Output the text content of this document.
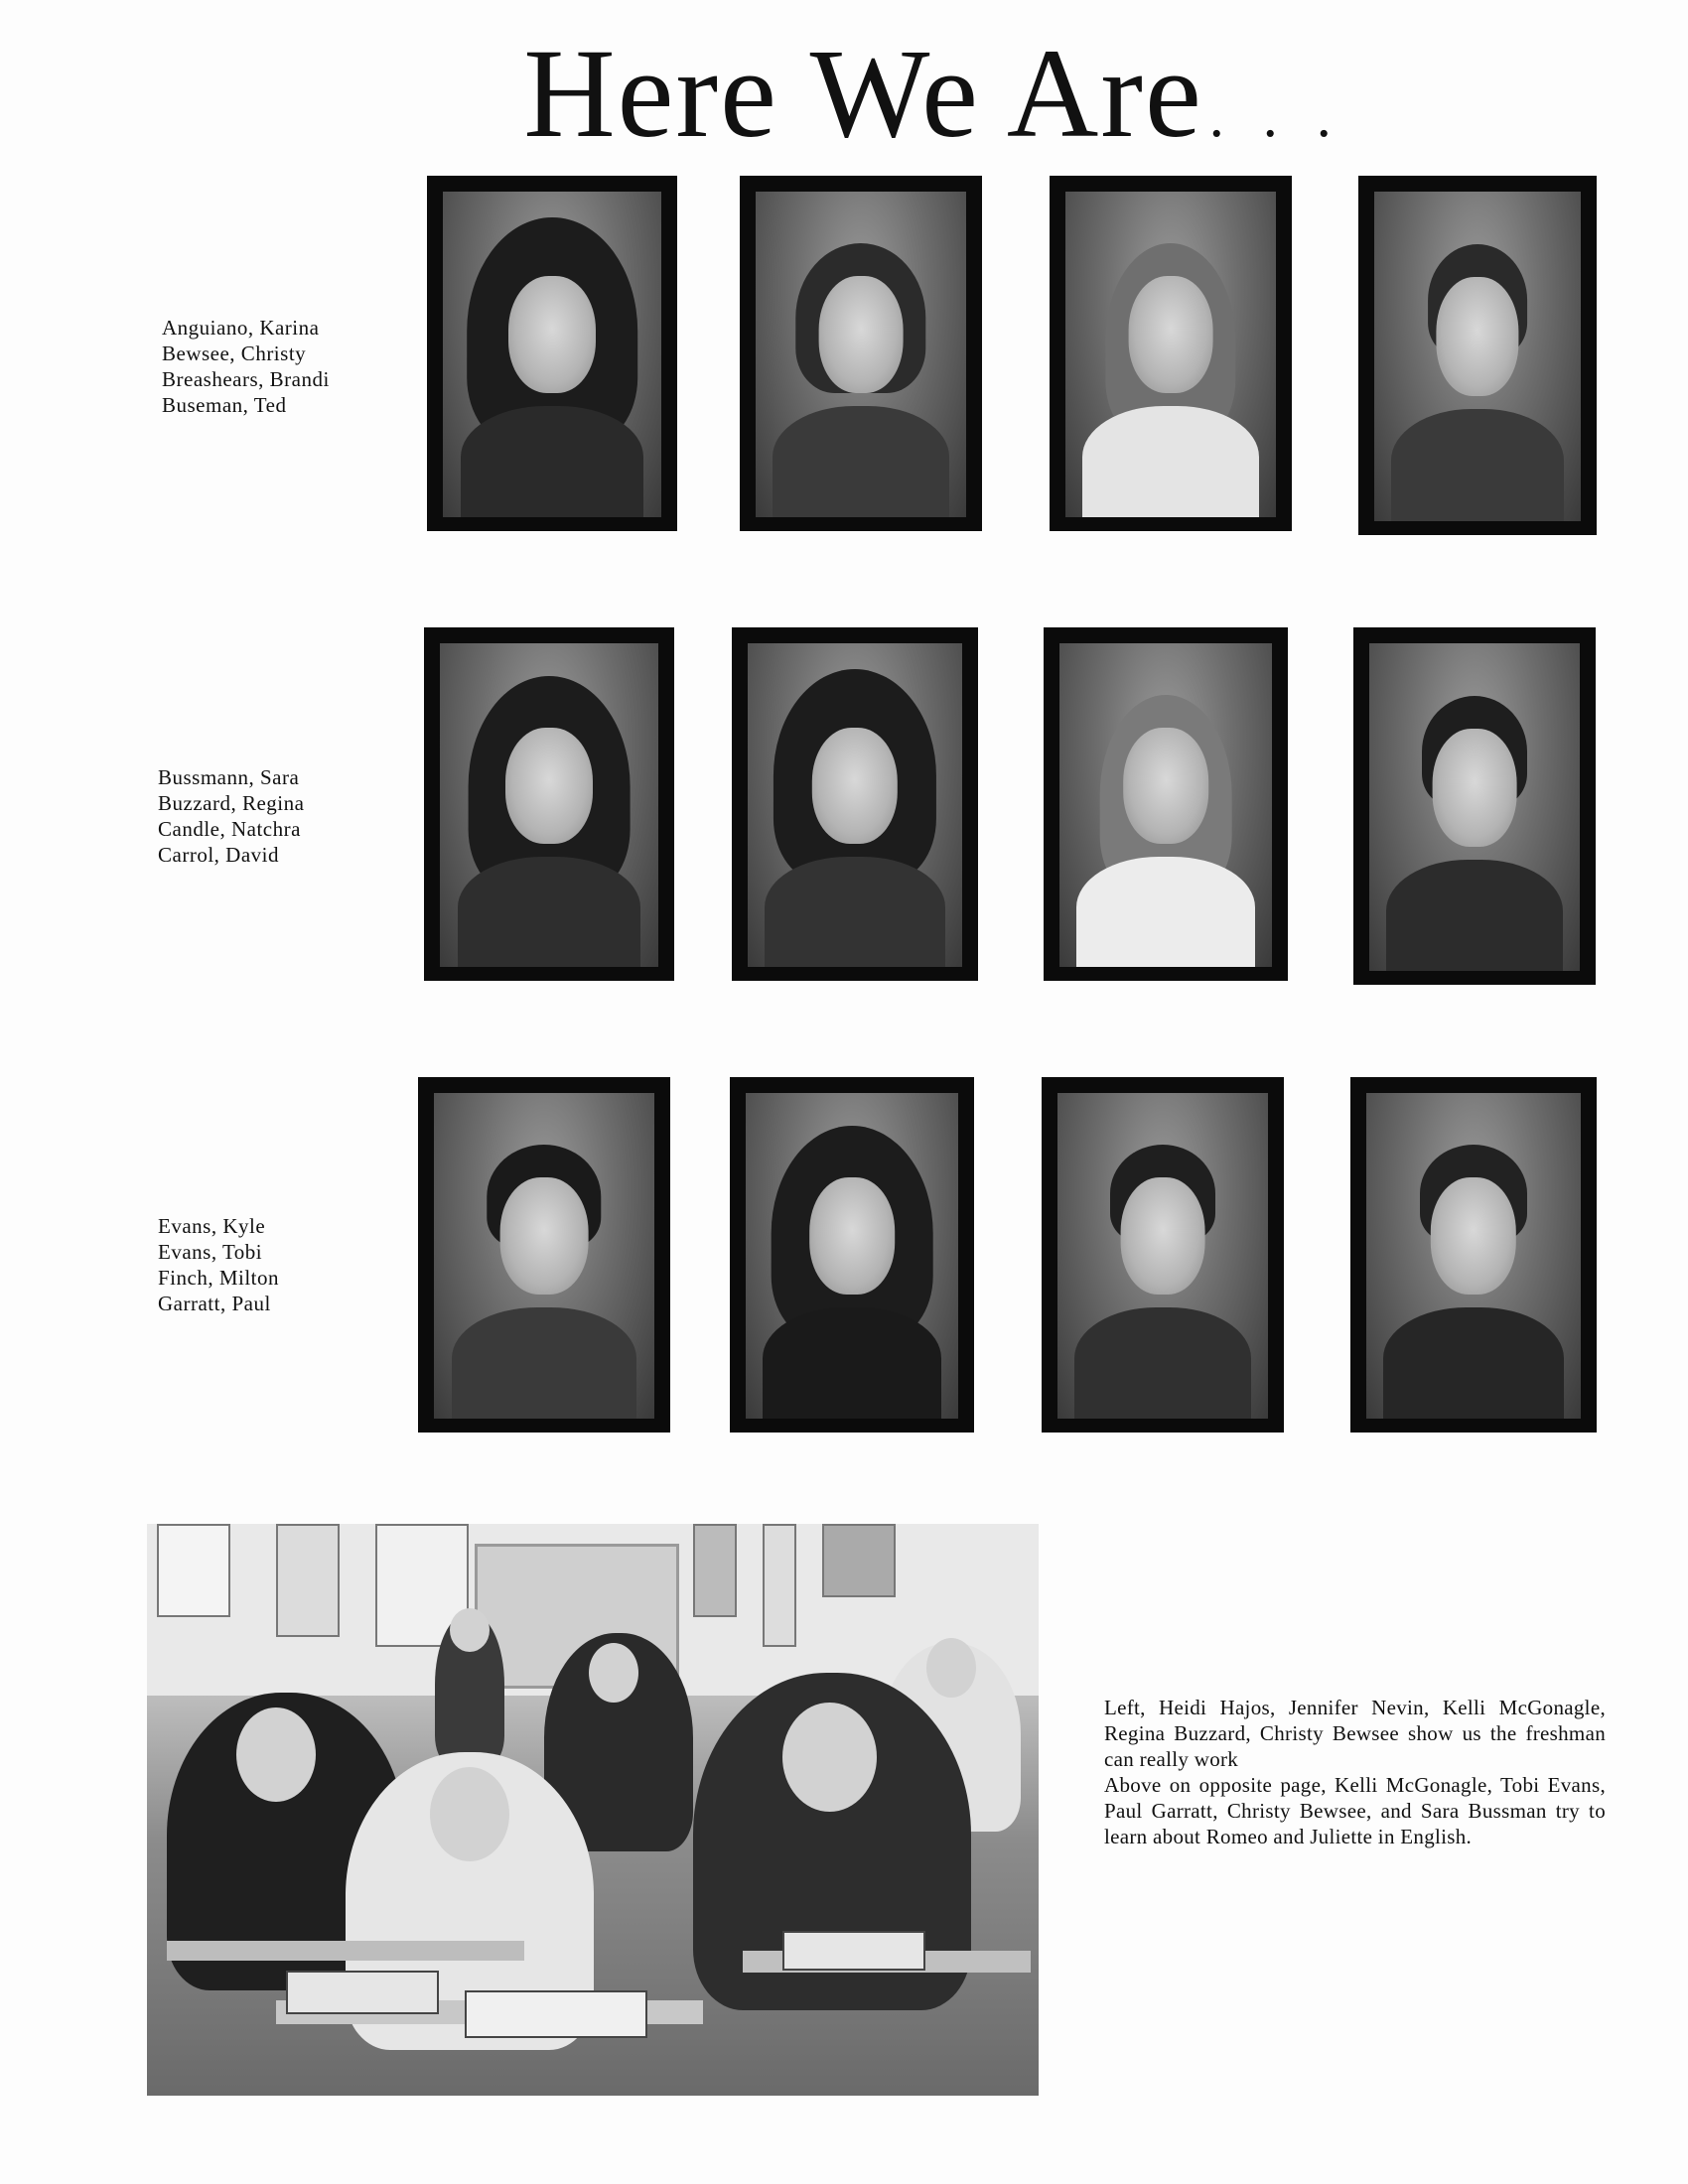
Here We Are . . .
Anguiano, Karina
Bewsee, Christy
Breashears, Brandi
Buseman, Ted
Bussmann, Sara
Buzzard, Regina
Candle, Natchra
Carrol, David
Evans, Kyle
Evans, Tobi
Finch, Milton
Garratt, Paul

Left, Heidi Hajos, Jennifer Nevin, Kelli McGonagle, Regina Buzzard, Christy Bewsee show us the freshman can really work

Above on opposite page, Kelli McGonagle, Tobi Evans, Paul Garratt, Christy Bewsee, and Sara Bussman try to learn about Romeo and Juliette in English.
